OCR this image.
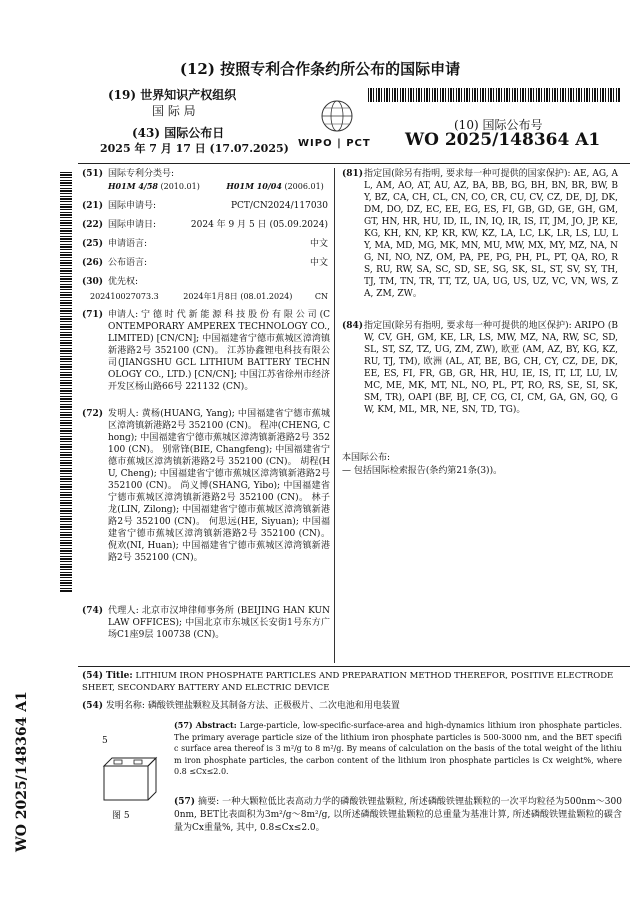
(12) 按照专利合作条约所公布的国际申请
(19) 世界知识产权组织
国 际 局
(43) 国际公布日
2025 年 7 月 17 日 (17.07.2025) WIPO | PCT
(10) 国际公布号
WO 2025/148364 A1
WO 2025/148364 A1
(51) 国际专利分类号:
H01M 4/58 (2010.01)	H01M 10/04 (2006.01)
(21) 国际申请号:	PCT/CN2024/117030
(22) 国际申请日:	2024 年 9 月 5 日 (05.09.2024)
(25) 申请语言:	中文
(26) 公布语言:	中文
(30) 优先权:
202410027073.3	2024年1月8日 (08.01.2024)	CN
(71) 申请人: 宁 德 时 代 新 能 源 科 技 股 份 有 限 公 司 (CONTEMPORARY AMPEREX TECHNOLOGY CO., LIMITED) [CN/CN]; 中国福建省宁德市蕉城区漳湾镇新港路2号 352100 (CN)。 江苏协鑫锂电科技有限公司(JIANGSHU GCL LITHIUM BATTERY TECHNOLOGY CO., LTD.) [CN/CN]; 中国江苏省徐州市经济开发区杨山路66号 221132 (CN)。
(72) 发明人: 黄杨(HUANG, Yang); 中国福建省宁德市蕉城区漳湾镇新港路2号 352100 (CN)。 程冲(CHENG, Chong); 中国福建省宁德市蕉城区漳湾镇新港路2号 352100 (CN)。 别常锋(BIE, Changfeng); 中国福建省宁德市蕉城区漳湾镇新港路2号 352100 (CN)。 胡程(HU, Cheng); 中国福建省宁德市蕉城区漳湾镇新港路2号 352100 (CN)。 尚义博(SHANG, Yibo); 中国福建省宁德市蕉城区漳湾镇新港路2号 352100 (CN)。 林子龙(LIN, Zilong); 中国福建省宁德市蕉城区漳湾镇新港路2号 352100 (CN)。 何思远(HE, Siyuan); 中国福建省宁德市蕉城区漳湾镇新港路2号 352100 (CN)。 倪欢(NI, Huan); 中国福建省宁德市蕉城区漳湾镇新港路2号 352100 (CN)。
(74) 代理人: 北京市汉坤律师事务所 (BEIJING HAN KUN LAW OFFICES); 中国北京市东城区长安街1号东方广场C1座9层 100738 (CN)。
(81) 指定国(除另有指明, 要求每一种可提供的国家保护): AE, AG, AL, AM, AO, AT, AU, AZ, BA, BB, BG, BH, BN, BR, BW, BY, BZ, CA, CH, CL, CN, CO, CR, CU, CV, CZ, DE, DJ, DK, DM, DO, DZ, EC, EE, EG, ES, FI, GB, GD, GE, GH, GM, GT, HN, HR, HU, ID, IL, IN, IQ, IR, IS, IT, JM, JO, JP, KE, KG, KH, KN, KP, KR, KW, KZ, LA, LC, LK, LR, LS, LU, LY, MA, MD, MG, MK, MN, MU, MW, MX, MY, MZ, NA, NG, NI, NO, NZ, OM, PA, PE, PG, PH, PL, PT, QA, RO, RS, RU, RW, SA, SC, SD, SE, SG, SK, SL, ST, SV, SY, TH, TJ, TM, TN, TR, TT, TZ, UA, UG, US, UZ, VC, VN, WS, ZA, ZM, ZW。
(84) 指定国(除另有指明, 要求每一种可提供的地区保护): ARIPO (BW, CV, GH, GM, KE, LR, LS, MW, MZ, NA, RW, SC, SD, SL, ST, SZ, TZ, UG, ZM, ZW), 欧亚 (AM, AZ, BY, KG, KZ, RU, TJ, TM), 欧洲 (AL, AT, BE, BG, CH, CY, CZ, DE, DK, EE, ES, FI, FR, GB, GR, HR, HU, IE, IS, IT, LT, LU, LV, MC, ME, MK, MT, NL, NO, PL, PT, RO, RS, SE, SI, SK, SM, TR), OAPI (BF, BJ, CF, CG, CI, CM, GA, GN, GQ, GW, KM, ML, MR, NE, SN, TD, TG)。
本国际公布:
— 包括国际检索报告(条约第21条(3))。
(54) Title: LITHIUM IRON PHOSPHATE PARTICLES AND PREPARATION METHOD THEREFOR, POSITIVE ELECTRODE SHEET, SECONDARY BATTERY AND ELECTRIC DEVICE
(54) 发明名称: 磷酸铁锂盐颗粒及其制备方法、正极极片、二次电池和用电装置
5
图 5
(57) Abstract: Large-particle, low-specific-surface-area and high-dynamics lithium iron phosphate particles. The primary average particle size of the lithium iron phosphate particles is 500-3000 nm, and the BET specific surface area thereof is 3 m²/g to 8 m²/g. By means of calculation on the basis of the total weight of the lithium iron phosphate particles, the carbon content of the lithium iron phosphate particles is Cx weight%, where 0.8 ≤Cx≤2.0.
(57) 摘要: 一种大颗粒低比表高动力学的磷酸铁锂盐颗粒, 所述磷酸铁锂盐颗粒的一次平均粒径为500nm～3000nm, BET比表面积为3m²/g～8m²/g, 以所述磷酸铁锂盐颗粒的总重量为基准计算, 所述磷酸铁锂盐颗粒的碳含量为Cx重量%, 其中, 0.8≤Cx≤2.0。
